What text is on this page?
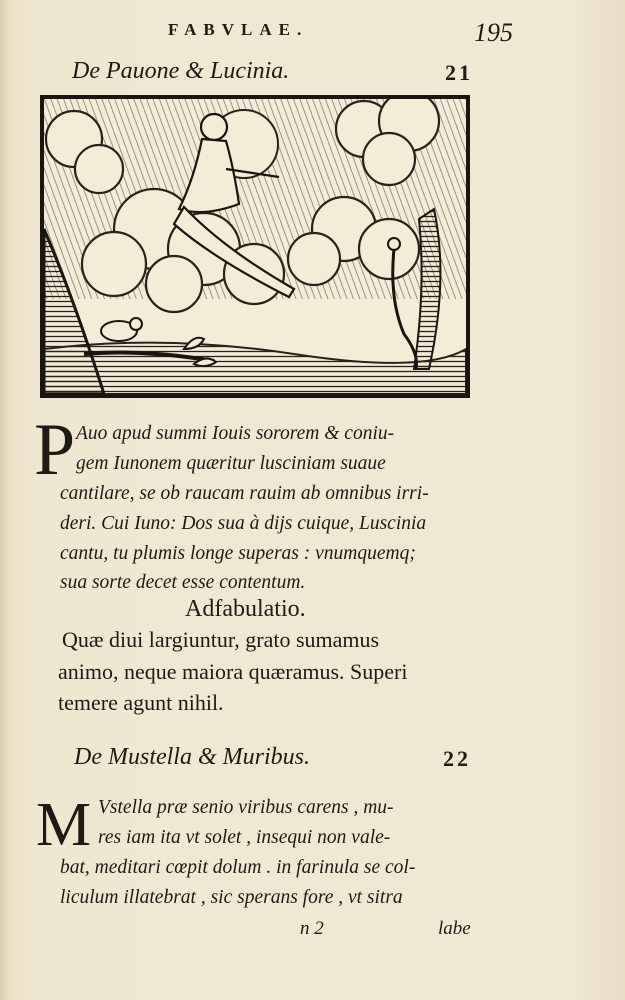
FABVLAE.	195
De Pauone & Lucinia.	21
P Auo apud summi Iouis sororem & coniu-
gem Iunonem quæritur lusciniam suaue
cantilare, se ob raucam rauim ab omnibus irri-
deri. Cui Iuno: Dos sua à dijs cuique, Luscinia
cantu, tu plumis longe superas : vnumquemq;
sua sorte decet esse contentum.
Adfabulatio.
Quæ diui largiuntur, grato sumamus
animo, neque maiora quæramus. Superi
temere agunt nihil.
De Mustella & Muribus.	22
M Vstella præ senio viribus carens , mu-
res iam ita vt solet , insequi non vale-
bat, meditari cœpit dolum . in farinula se col-
liculum illatebrat , sic sperans fore , vt sitra
n 2	labe
